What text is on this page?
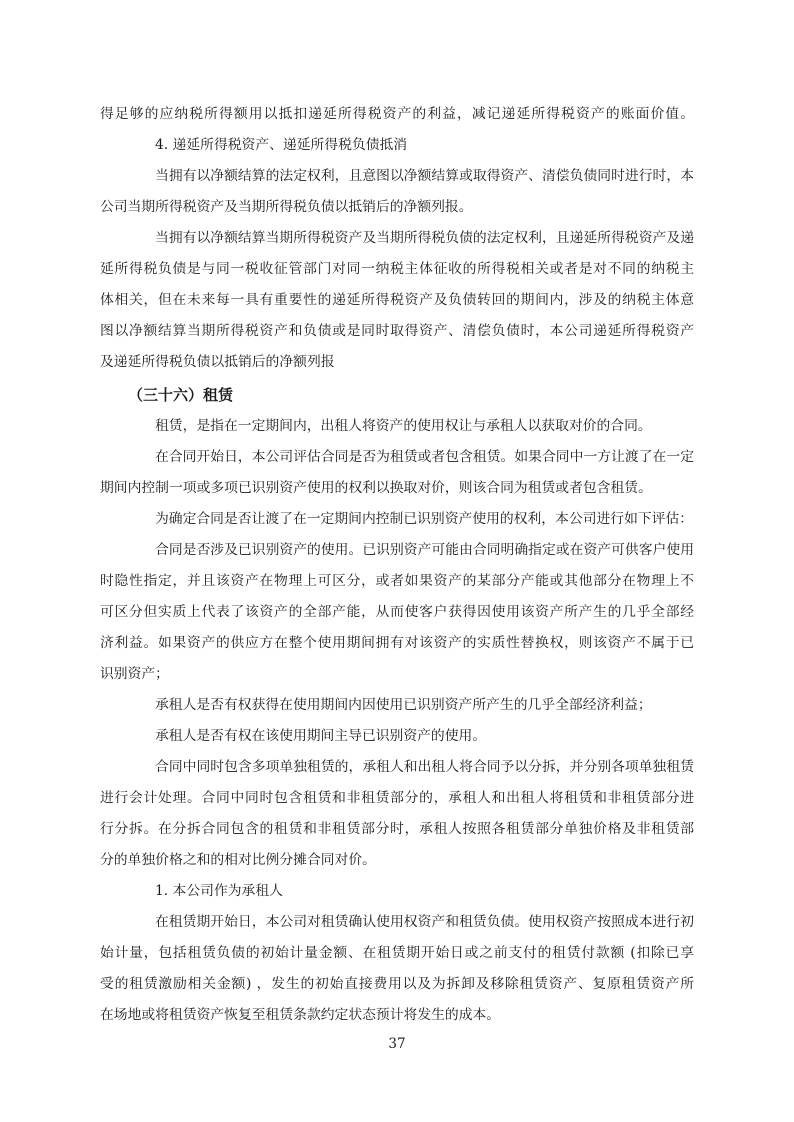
得足够的应纳税所得额用以抵扣递延所得税资产的利益，减记递延所得税资产的账面价值。
4. 递延所得税资产、递延所得税负债抵消
当拥有以净额结算的法定权利，且意图以净额结算或取得资产、清偿负债同时进行时，本
公司当期所得税资产及当期所得税负债以抵销后的净额列报。
当拥有以净额结算当期所得税资产及当期所得税负债的法定权利，且递延所得税资产及递
延所得税负债是与同一税收征管部门对同一纳税主体征收的所得税相关或者是对不同的纳税主
体相关，但在未来每一具有重要性的递延所得税资产及负债转回的期间内，涉及的纳税主体意
图以净额结算当期所得税资产和负债或是同时取得资产、清偿负债时，本公司递延所得税资产
及递延所得税负债以抵销后的净额列报
（三十六）租赁
租赁，是指在一定期间内，出租人将资产的使用权让与承租人以获取对价的合同。
在合同开始日，本公司评估合同是否为租赁或者包含租赁。如果合同中一方让渡了在一定
期间内控制一项或多项已识别资产使用的权利以换取对价，则该合同为租赁或者包含租赁。
为确定合同是否让渡了在一定期间内控制已识别资产使用的权利，本公司进行如下评估：
合同是否涉及已识别资产的使用。已识别资产可能由合同明确指定或在资产可供客户使用
时隐性指定，并且该资产在物理上可区分，或者如果资产的某部分产能或其他部分在物理上不
可区分但实质上代表了该资产的全部产能，从而使客户获得因使用该资产所产生的几乎全部经
济利益。如果资产的供应方在整个使用期间拥有对该资产的实质性替换权，则该资产不属于已
识别资产；
承租人是否有权获得在使用期间内因使用已识别资产所产生的几乎全部经济利益；
承租人是否有权在该使用期间主导已识别资产的使用。
合同中同时包含多项单独租赁的，承租人和出租人将合同予以分拆，并分别各项单独租赁
进行会计处理。合同中同时包含租赁和非租赁部分的，承租人和出租人将租赁和非租赁部分进
行分拆。在分拆合同包含的租赁和非租赁部分时，承租人按照各租赁部分单独价格及非租赁部
分的单独价格之和的相对比例分摊合同对价。
1. 本公司作为承租人
在租赁期开始日，本公司对租赁确认使用权资产和租赁负债。使用权资产按照成本进行初
始计量，包括租赁负债的初始计量金额、在租赁期开始日或之前支付的租赁付款额 (扣除已享
受的租赁激励相关金额) ，发生的初始直接费用以及为拆卸及移除租赁资产、复原租赁资产所
在场地或将租赁资产恢复至租赁条款约定状态预计将发生的成本。
37
